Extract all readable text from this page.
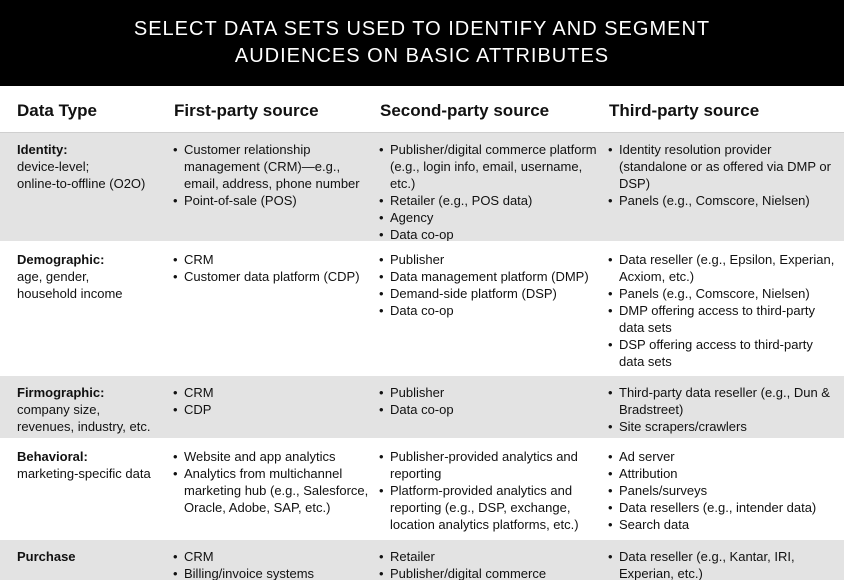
SELECT DATA SETS USED TO IDENTIFY AND SEGMENT
AUDIENCES ON BASIC ATTRIBUTES
Data Type	First-party source	Second-party source	Third-party source
Identity:
device-level;
online-to-offline (O2O)
• Customer relationship management (CRM)—e.g., email, address, phone number
• Point-of-sale (POS)
• Publisher/digital commerce platform (e.g., login info, email, username, etc.)
• Retailer (e.g., POS data)
• Agency
• Data co-op
• Identity resolution provider (standalone or as offered via DMP or DSP)
• Panels (e.g., Comscore, Nielsen)
Demographic:
age, gender,
household income
• CRM
• Customer data platform (CDP)
• Publisher
• Data management platform (DMP)
• Demand-side platform (DSP)
• Data co-op
• Data reseller (e.g., Epsilon, Experian, Acxiom, etc.)
• Panels (e.g., Comscore, Nielsen)
• DMP offering access to third-party data sets
• DSP offering access to third-party data sets
Firmographic:
company size,
revenues, industry, etc.
• CRM
• CDP
• Publisher
• Data co-op
• Third-party data reseller (e.g., Dun & Bradstreet)
• Site scrapers/crawlers
Behavioral:
marketing-specific data
• Website and app analytics
• Analytics from multichannel marketing hub (e.g., Salesforce, Oracle, Adobe, SAP, etc.)
• Publisher-provided analytics and reporting
• Platform-provided analytics and reporting (e.g., DSP, exchange, location analytics platforms, etc.)
• Ad server
• Attribution
• Panels/surveys
• Data resellers (e.g., intender data)
• Search data
Purchase
•	CRM
• Billing/invoice systems
• Retailer
• Publisher/digital commerce
• Data reseller (e.g., Kantar, IRI, Experian, etc.)
